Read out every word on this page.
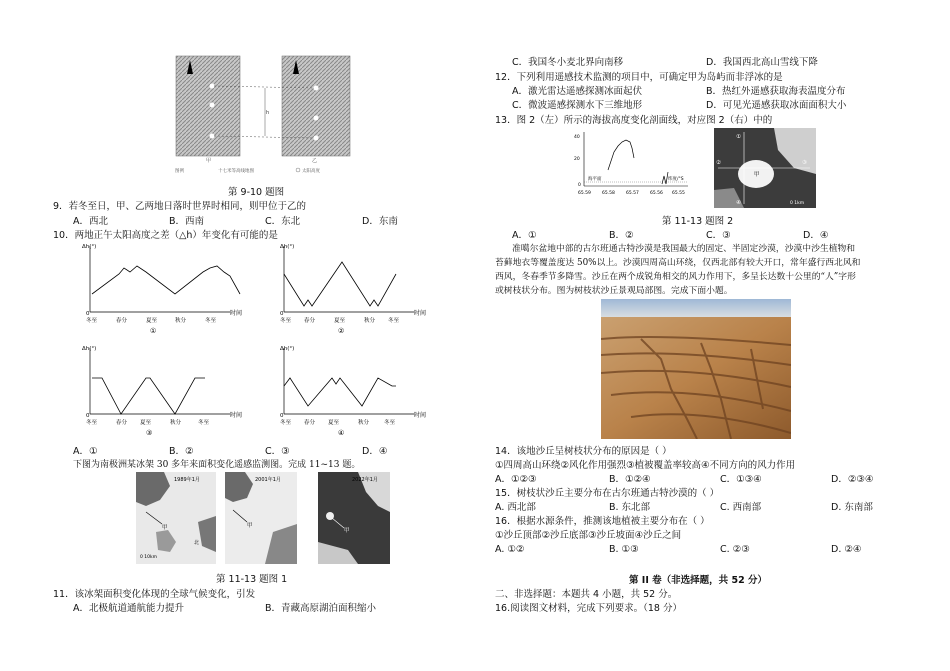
h
甲	乙
图例	十七米等高线地图	太阳高度
第 9-10 题图
9．若冬至日，甲、乙两地日落时世界时相同，则甲位于乙的
A．西北	B．西南	C．东北	D．东南
10．两地正午太阳高度之差（△h）年变化有可能的是
Δh(°)
0	时间
冬至	春分	夏至	秋分	冬至
①
Δh(°)
0	时间
冬至 春分	夏至	秋分 冬至
②
Δh(°)
0	时间
冬至	春分 夏至	秋分	冬至
③
Δh(°)
0	时间
冬至 春分 夏至	秋分	冬至
④
A．①	B．②	C．③	D．④
下图为南极洲某冰架 30 多年来面积变化遥感监测图。完成 11~13 题。
1989年1月
甲
0 10km
北
2001年1月
甲
2022年1月
甲
第 11-13 题图 1
11．该冰架面积变化体现的全球气候变化，引发
A．北极航道通航能力提升	B．青藏高原湖泊面积缩小
C．我国冬小麦北界向南移	D．我国西北高山雪线下降
12．下列利用遥感技术监测的项目中，可确定甲为岛屿而非浮冰的是
A．激光雷达遥感探测冰面起伏	B．热红外遥感获取海表温度分布
C．微波遥感探测水下三维地形	D．可见光遥感获取冰面面积大小
13．图 2（左）所示的海拔高度变化剖面线，对应图 2（右）中的
40
20
0
海平面	纬度/°S
65.59 65.58 65.57 65.56 65.55
①
②	③
④
甲
0 1km
第 11-13 题图 2
A．①	B．②	C．③	D．④
准噶尔盆地中部的古尔班通古特沙漠是我国最大的固定、半固定沙漠，沙漠中沙生植物和
苔藓地衣等覆盖度达 50%以上。沙漠四周高山环绕，仅西北部有较大开口，常年盛行西北风和
西风，冬春季节多降雪。沙丘在两个成锐角相交的风力作用下，多呈长达数十公里的“人”字形
或树枝状分布。图为树枝状沙丘景观局部图。完成下面小题。
14．该地沙丘呈树枝状分布的原因是（ ）
①四周高山环绕②风化作用强烈③植被覆盖率较高④不同方向的风力作用
A．①②③	B．①②④	C．①③④	D．②③④
15．树枝状沙丘主要分布在古尔班通古特沙漠的（ ）
A. 西北部	B. 东北部	C. 西南部	D. 东南部
16．根据水源条件，推测该地植被主要分布在（ ）
①沙丘顶部②沙丘底部③沙丘坡面④沙丘之间
A. ①②	B. ①③	C. ②③	D. ②④
第 II 卷（非选择题，共 52 分）
二、非选择题：本题共 4 小题，共 52 分。
16.阅读图文材料，完成下列要求。（18 分）
